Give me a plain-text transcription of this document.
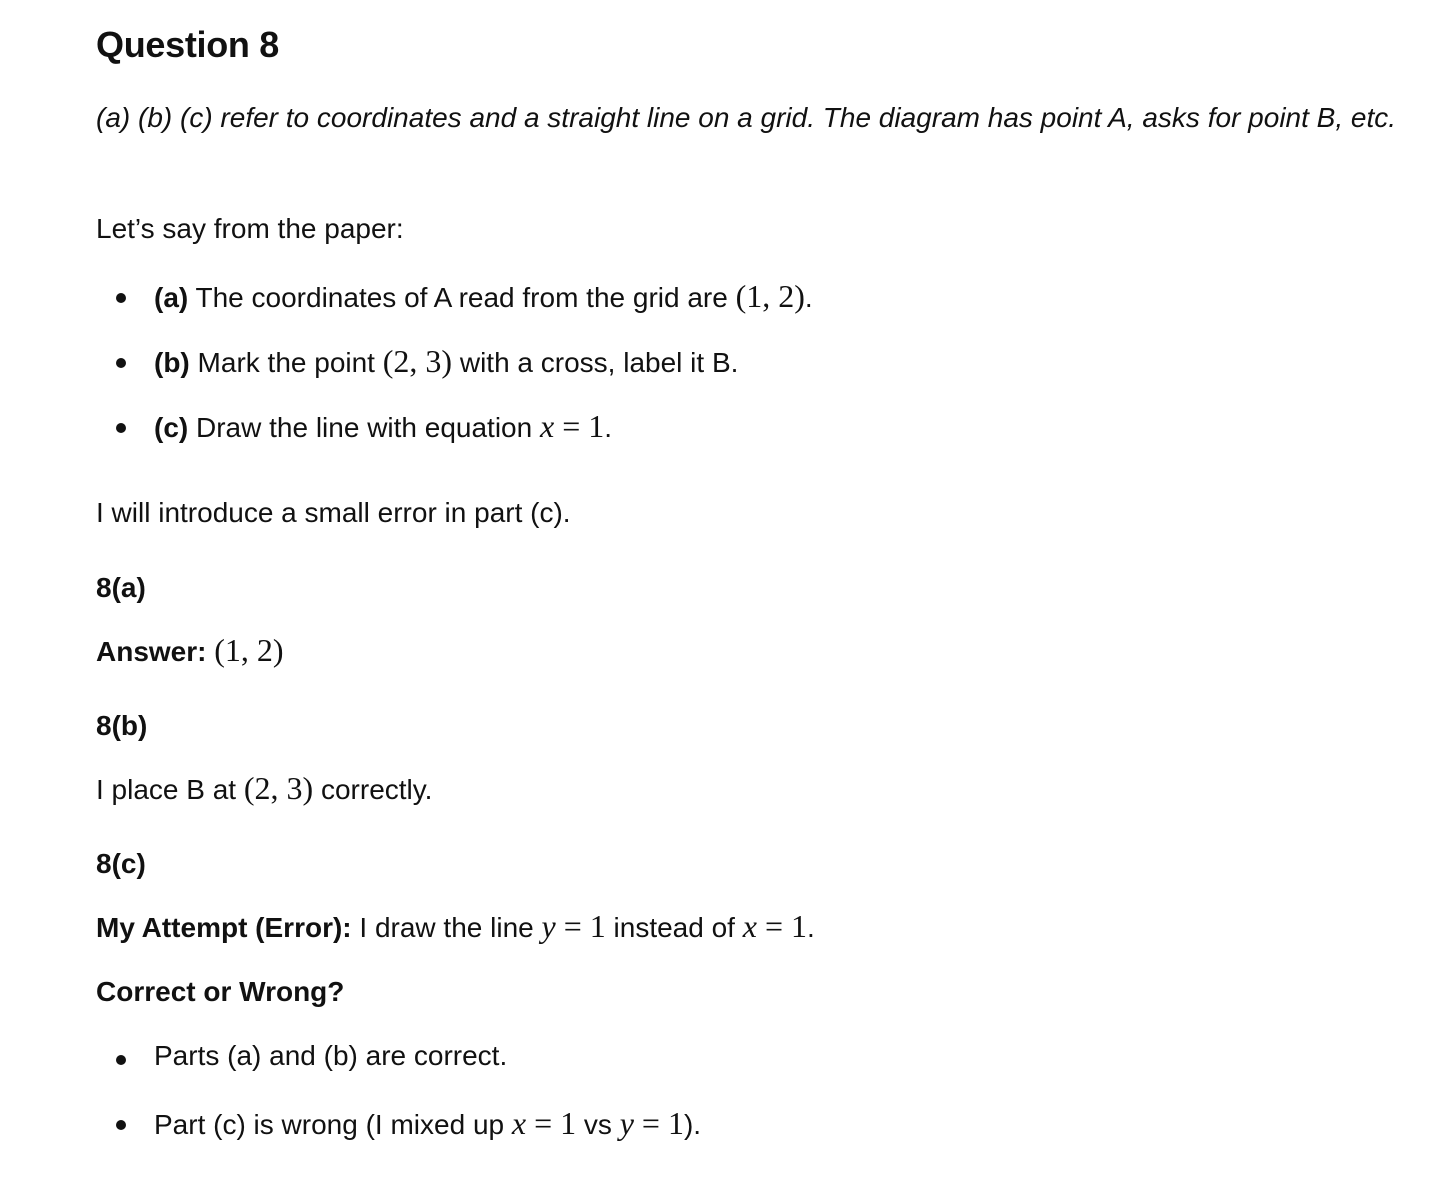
Question 8
(a) (b) (c) refer to coordinates and a straight line on a grid. The diagram has point A, asks for point B, etc.
Let’s say from the paper:
(a) The coordinates of A read from the grid are (1, 2).
(b) Mark the point (2, 3) with a cross, label it B.
(c) Draw the line with equation x = 1.
I will introduce a small error in part (c).
8(a)
Answer: (1, 2)
8(b)
I place B at (2, 3) correctly.
8(c)
My Attempt (Error): I draw the line y = 1 instead of x = 1.
Correct or Wrong?
Parts (a) and (b) are correct.
Part (c) is wrong (I mixed up x = 1 vs y = 1).
